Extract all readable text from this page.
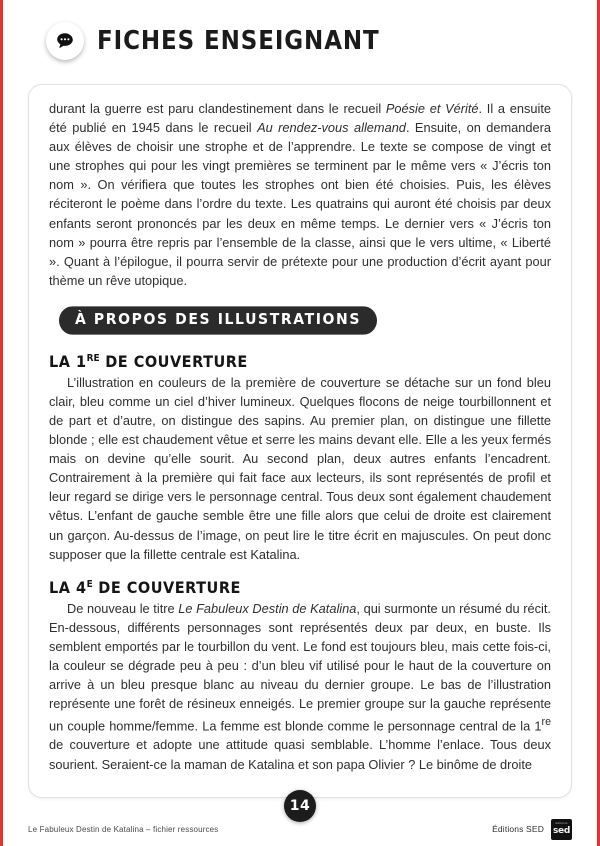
FICHES ENSEIGNANT

durant la guerre est paru clandestinement dans le recueil Poésie et Vérité. Il a ensuite été publié en 1945 dans le recueil Au rendez-vous allemand. Ensuite, on demandera aux élèves de choisir une strophe et de l’apprendre. Le texte se compose de vingt et une strophes qui pour les vingt premières se terminent par le même vers « J’écris ton nom ». On vérifiera que toutes les strophes ont bien été choisies. Puis, les élèves réciteront le poème dans l’ordre du texte. Les quatrains qui auront été choisis par deux enfants seront prononcés par les deux en même temps. Le dernier vers « J’écris ton nom » pourra être repris par l’ensemble de la classe, ainsi que le vers ultime, « Liberté ». Quant à l’épilogue, il pourra servir de prétexte pour une production d’écrit ayant pour thème un rêve utopique.

À PROPOS DES ILLUSTRATIONS
LA 1RE DE COUVERTURE

L’illustration en couleurs de la première de couverture se détache sur un fond bleu clair, bleu comme un ciel d’hiver lumineux. Quelques flocons de neige tourbillonnent et de part et d’autre, on distingue des sapins. Au premier plan, on distingue une fillette blonde ; elle est chaudement vêtue et serre les mains devant elle. Elle a les yeux fermés mais on devine qu’elle sourit. Au second plan, deux autres enfants l’encadrent. Contrairement à la première qui fait face aux lecteurs, ils sont représentés de profil et leur regard se dirige vers le personnage central. Tous deux sont également chaudement vêtus. L’enfant de gauche semble être une fille alors que celui de droite est clairement un garçon. Au-dessus de l’image, on peut lire le titre écrit en majuscules. On peut donc supposer que la fillette centrale est Katalina.

LA $4^E$ DE COUVERTURE

De nouveau le titre Le Fabuleux Destin de Katalina, qui surmonte un résumé du récit. En-dessous, différents personnages sont représentés deux par deux, en buste. Ils semblent emportés par le tourbillon du vent. Le fond est toujours bleu, mais cette fois-ci, la couleur se dégrade peu à peu : d’un bleu vif utilisé pour le haut de la couverture on arrive à un bleu presque blanc au niveau du dernier groupe. Le bas de l’illustration représente une forêt de résineux enneigés. Le premier groupe sur la gauche représente un couple homme/femme. La femme est blonde comme le personnage central de la 1re de couverture et adopte une attitude quasi semblable. L’homme l’enlace. Tous deux sourient. Seraient-ce la maman de Katalina et son papa Olivier ? Le binôme de droite

14
Le Fabuleux Destin de Katalina – fichier ressources	Éditions SED
éditions
sed
